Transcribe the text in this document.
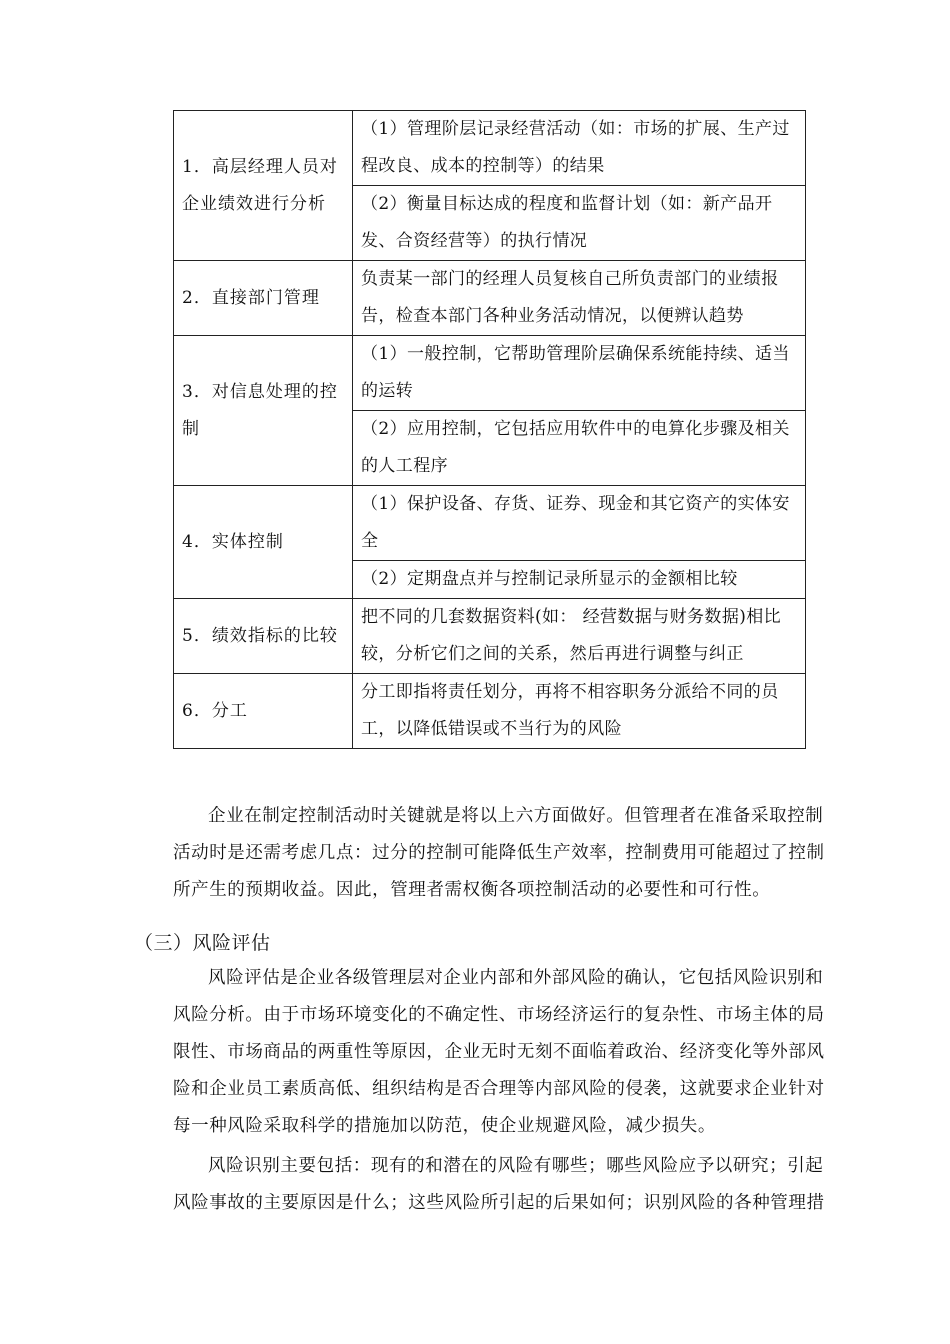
1．高层经理人员对企业绩效进行分析	（1）管理阶层记录经营活动（如：市场的扩展、生产过程改良、成本的控制等）的结果
	（2）衡量目标达成的程度和监督计划（如：新产品开发、合资经营等）的执行情况
2．直接部门管理	负责某一部门的经理人员复核自己所负责部门的业绩报告，检查本部门各种业务活动情况，以便辨认趋势
3．对信息处理的控制	（1）一般控制，它帮助管理阶层确保系统能持续、适当的运转
	（2）应用控制，它包括应用软件中的电算化步骤及相关的人工程序
4．实体控制	（1）保护设备、存货、证券、现金和其它资产的实体安全
	（2）定期盘点并与控制记录所显示的金额相比较
5．绩效指标的比较	把不同的几套数据资料(如： 经营数据与财务数据)相比较，分析它们之间的关系，然后再进行调整与纠正
6．分工	分工即指将责任划分，再将不相容职务分派给不同的员工，以降低错误或不当行为的风险

企业在制定控制活动时关键就是将以上六方面做好。但管理者在准备采取控制活动时是还需考虑几点：过分的控制可能降低生产效率，控制费用可能超过了控制所产生的预期收益。因此，管理者需权衡各项控制活动的必要性和可行性。

（三）风险评估

风险评估是企业各级管理层对企业内部和外部风险的确认，它包括风险识别和风险分析。由于市场环境变化的不确定性、市场经济运行的复杂性、市场主体的局限性、市场商品的两重性等原因，企业无时无刻不面临着政治、经济变化等外部风险和企业员工素质高低、组织结构是否合理等内部风险的侵袭，这就要求企业针对每一种风险采取科学的措施加以防范，使企业规避风险，减少损失。

风险识别主要包括：现有的和潜在的风险有哪些；哪些风险应予以研究；引起风险事故的主要原因是什么；这些风险所引起的后果如何；识别风险的各种管理措
